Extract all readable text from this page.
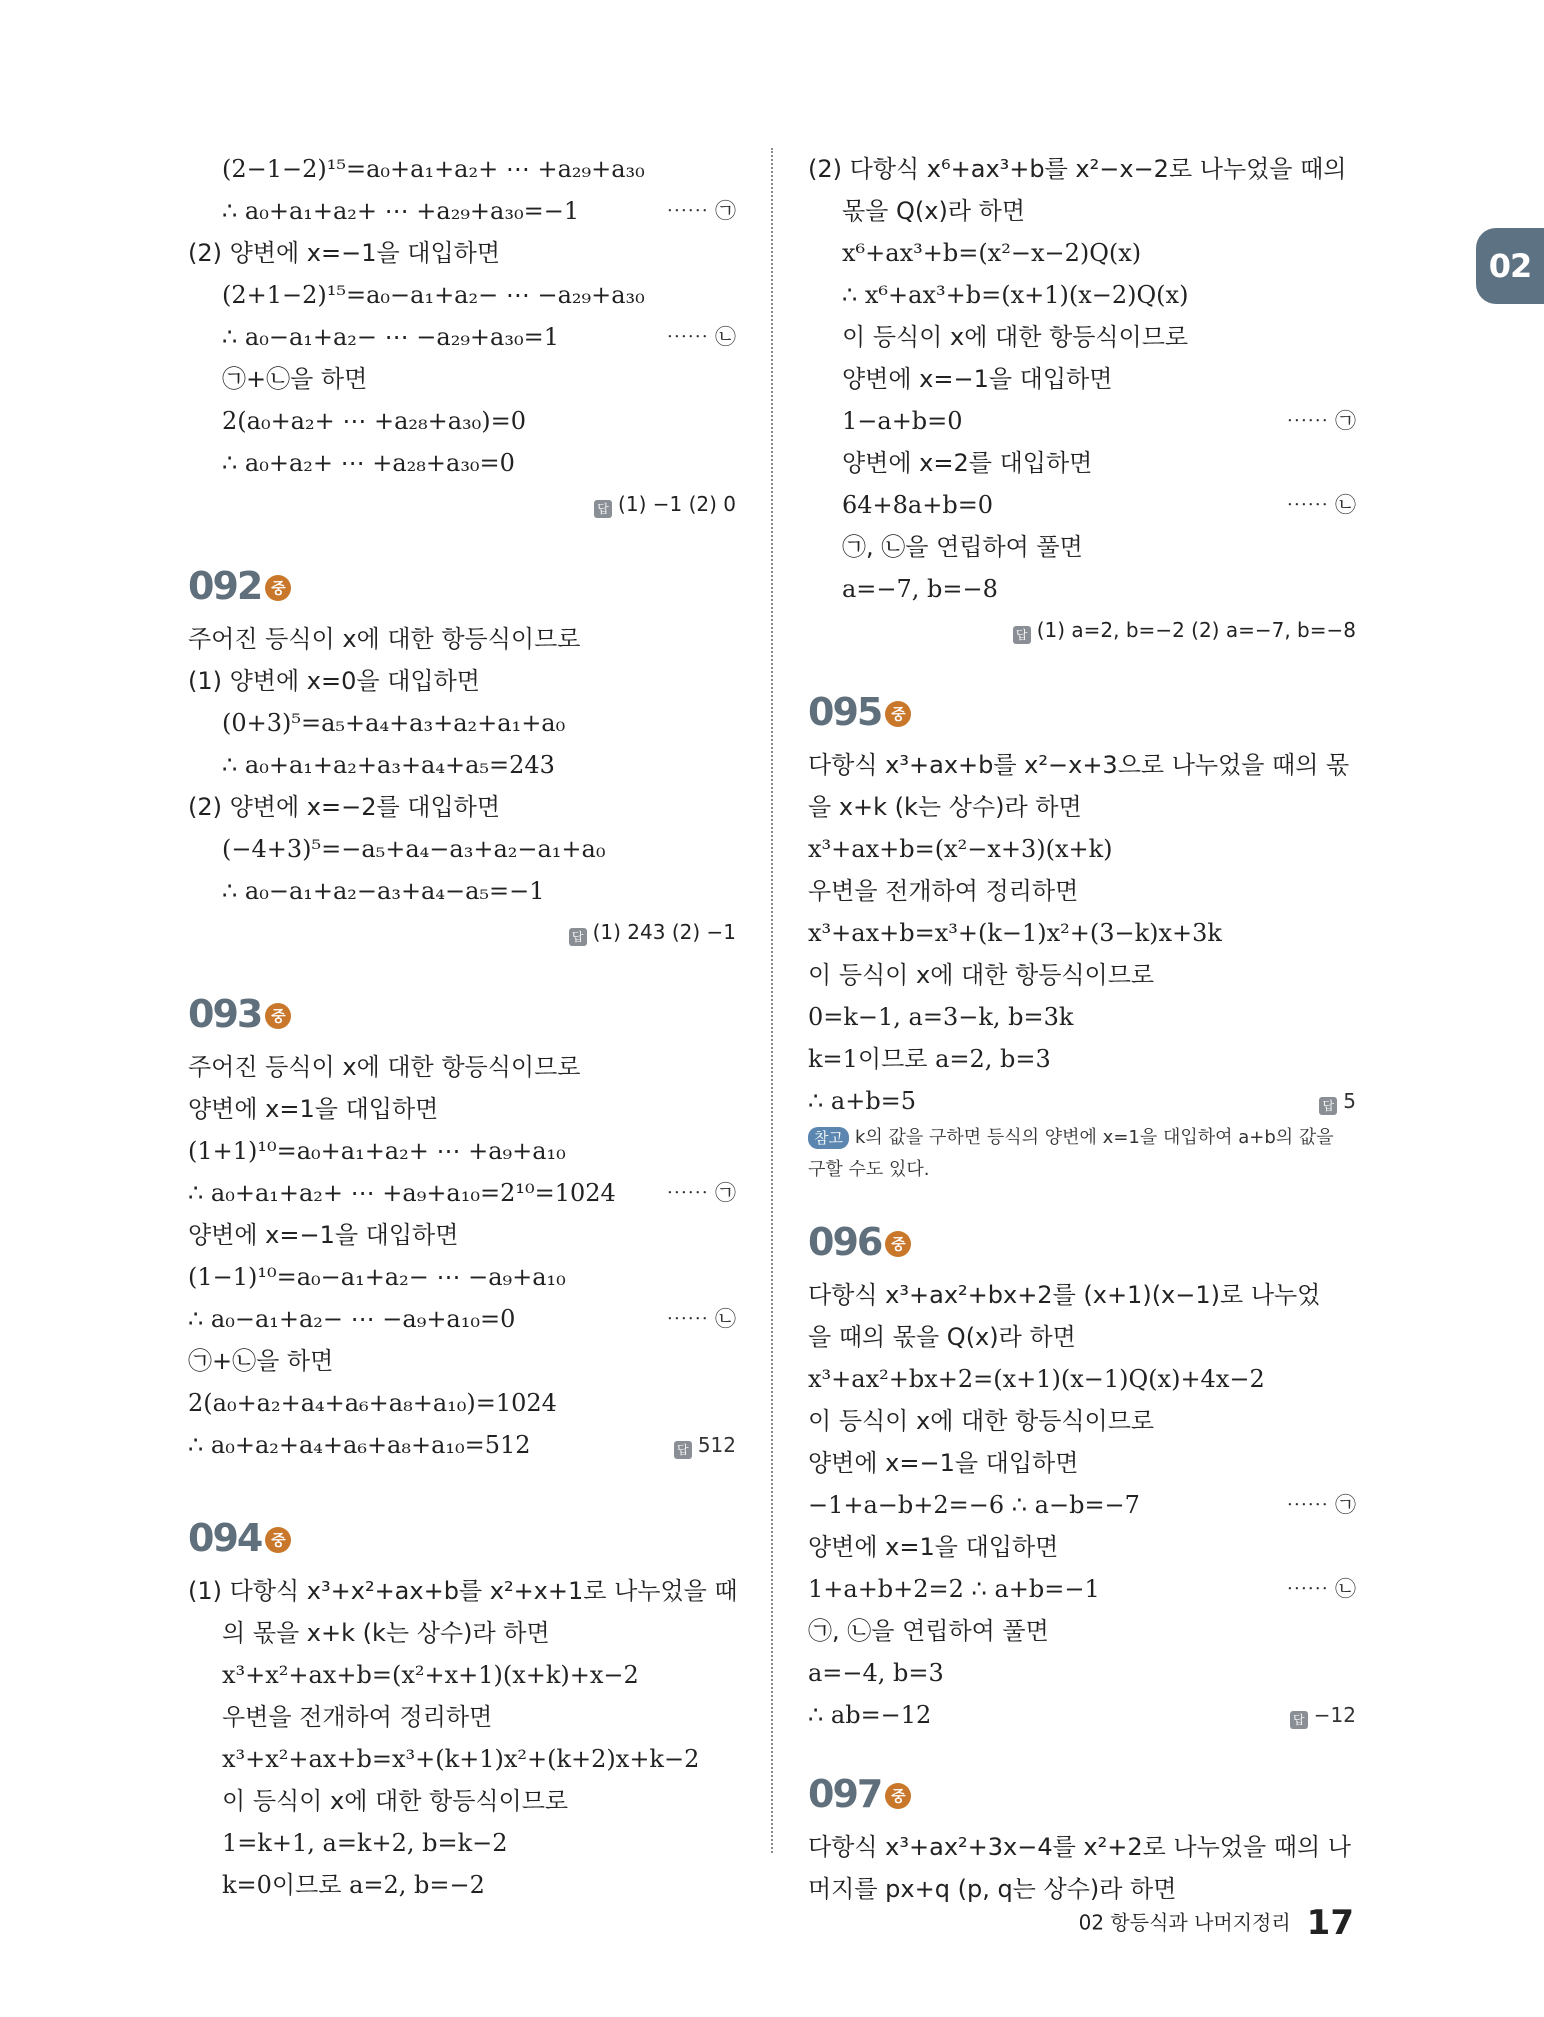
02
(2−1−2)¹⁵=a₀+a₁+a₂+ ⋯ +a₂₉+a₃₀
∴ a₀+a₁+a₂+ ⋯ +a₂₉+a₃₀=−1	⋯⋯ ㉠
(2) 양변에 x=−1을 대입하면
(2+1−2)¹⁵=a₀−a₁+a₂− ⋯ −a₂₉+a₃₀
∴ a₀−a₁+a₂− ⋯ −a₂₉+a₃₀=1	⋯⋯ ㉡
㉠+㉡을 하면
2(a₀+a₂+ ⋯ +a₂₈+a₃₀)=0
∴ a₀+a₂+ ⋯ +a₂₈+a₃₀=0
답 (1) −1 (2) 0
092 중
주어진 등식이 x에 대한 항등식이므로
(1) 양변에 x=0을 대입하면
(0+3)⁵=a₅+a₄+a₃+a₂+a₁+a₀
∴ a₀+a₁+a₂+a₃+a₄+a₅=243
(2) 양변에 x=−2를 대입하면
(−4+3)⁵=−a₅+a₄−a₃+a₂−a₁+a₀
∴ a₀−a₁+a₂−a₃+a₄−a₅=−1
답 (1) 243 (2) −1
093 중
주어진 등식이 x에 대한 항등식이므로
양변에 x=1을 대입하면
(1+1)¹⁰=a₀+a₁+a₂+ ⋯ +a₉+a₁₀
∴ a₀+a₁+a₂+ ⋯ +a₉+a₁₀=2¹⁰=1024 ⋯⋯ ㉠
양변에 x=−1을 대입하면
(1−1)¹⁰=a₀−a₁+a₂− ⋯ −a₉+a₁₀
∴ a₀−a₁+a₂− ⋯ −a₉+a₁₀=0	⋯⋯ ㉡
㉠+㉡을 하면
2(a₀+a₂+a₄+a₆+a₈+a₁₀)=1024
∴ a₀+a₂+a₄+a₆+a₈+a₁₀=512	답 512
094 중
(1) 다항식 x³+x²+ax+b를 x²+x+1로 나누었을 때
의 몫을 x+k (k는 상수)라 하면
x³+x²+ax+b=(x²+x+1)(x+k)+x−2
우변을 전개하여 정리하면
x³+x²+ax+b=x³+(k+1)x²+(k+2)x+k−2
이 등식이 x에 대한 항등식이므로
1=k+1, a=k+2, b=k−2
k=0이므로 a=2, b=−2
(2) 다항식 x⁶+ax³+b를 x²−x−2로 나누었을 때의
몫을 Q(x)라 하면
x⁶+ax³+b=(x²−x−2)Q(x)
∴ x⁶+ax³+b=(x+1)(x−2)Q(x)
이 등식이 x에 대한 항등식이므로
양변에 x=−1을 대입하면
1−a+b=0	⋯⋯ ㉠
양변에 x=2를 대입하면
64+8a+b=0	⋯⋯ ㉡
㉠, ㉡을 연립하여 풀면
a=−7, b=−8
답 (1) a=2, b=−2 (2) a=−7, b=−8
095 중
다항식 x³+ax+b를 x²−x+3으로 나누었을 때의 몫
을 x+k (k는 상수)라 하면
x³+ax+b=(x²−x+3)(x+k)
우변을 전개하여 정리하면
x³+ax+b=x³+(k−1)x²+(3−k)x+3k
이 등식이 x에 대한 항등식이므로
0=k−1, a=3−k, b=3k
k=1이므로 a=2, b=3
∴ a+b=5	답 5
참고 k의 값을 구하면 등식의 양변에 x=1을 대입하여 a+b의 값을
구할 수도 있다.
096 중
다항식 x³+ax²+bx+2를 (x+1)(x−1)로 나누었
을 때의 몫을 Q(x)라 하면
x³+ax²+bx+2=(x+1)(x−1)Q(x)+4x−2
이 등식이 x에 대한 항등식이므로
양변에 x=−1을 대입하면
−1+a−b+2=−6 ∴ a−b=−7	⋯⋯ ㉠
양변에 x=1을 대입하면
1+a+b+2=2 ∴ a+b=−1	⋯⋯ ㉡
㉠, ㉡을 연립하여 풀면
a=−4, b=3
∴ ab=−12	답 −12
097 중
다항식 x³+ax²+3x−4를 x²+2로 나누었을 때의 나
머지를 px+q (p, q는 상수)라 하면
02 항등식과 나머지정리 17
